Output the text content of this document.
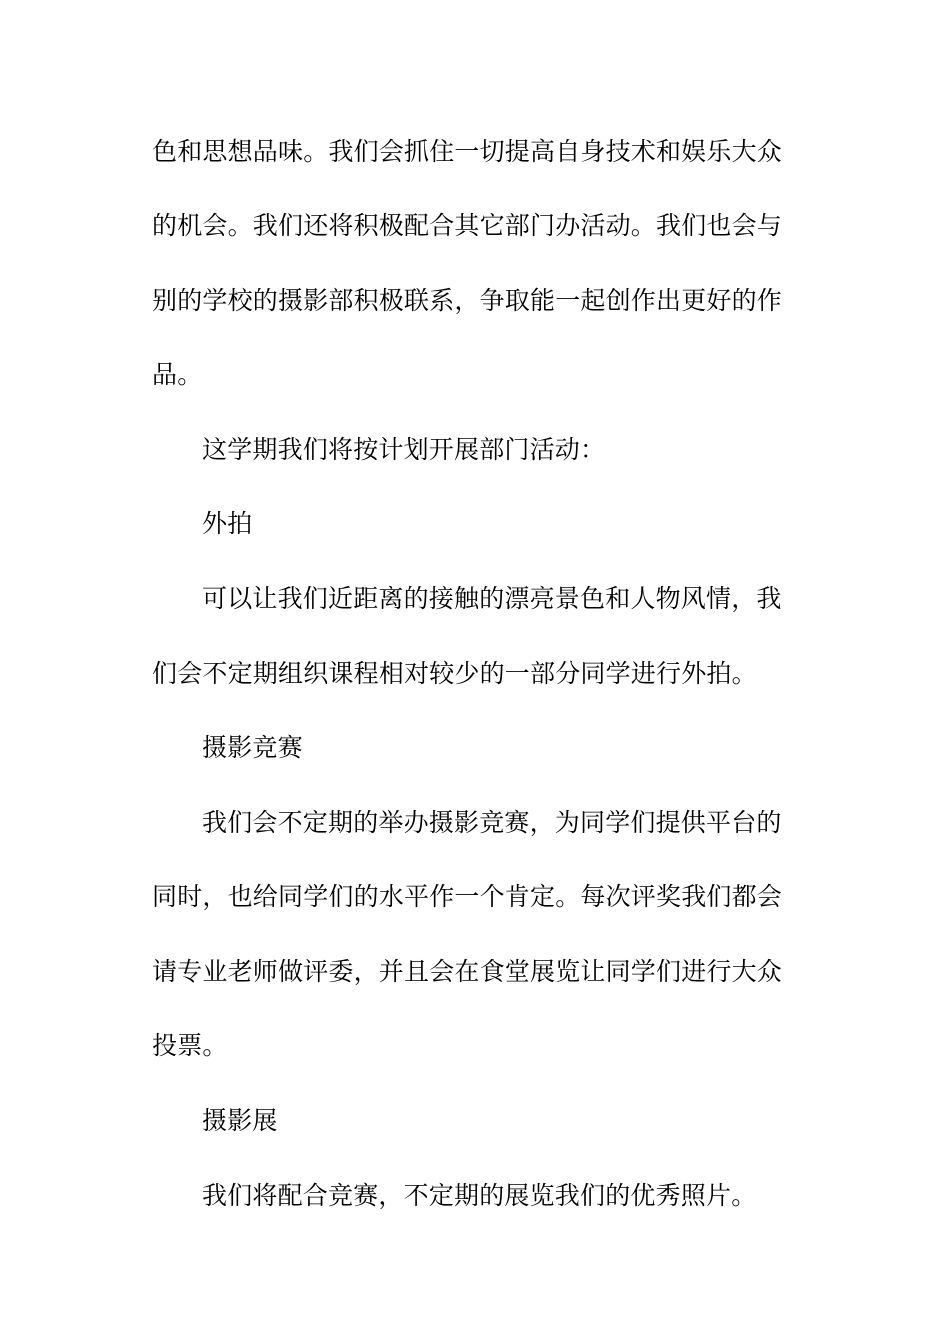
色和思想品味。我们会抓住一切提高自身技术和娱乐大众
的机会。我们还将积极配合其它部门办活动。我们也会与
别的学校的摄影部积极联系，争取能一起创作出更好的作
品。
这学期我们将按计划开展部门活动：
外拍
可以让我们近距离的接触的漂亮景色和人物风情，我
们会不定期组织课程相对较少的一部分同学进行外拍。
摄影竞赛
我们会不定期的举办摄影竞赛，为同学们提供平台的
同时，也给同学们的水平作一个肯定。每次评奖我们都会
请专业老师做评委，并且会在食堂展览让同学们进行大众
投票。
摄影展
我们将配合竞赛，不定期的展览我们的优秀照片。
